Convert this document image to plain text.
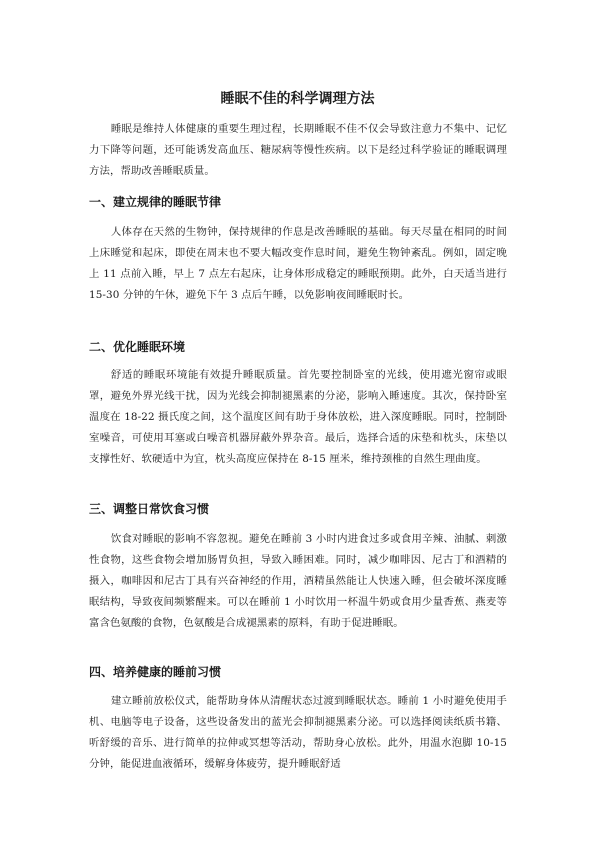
睡眠不佳的科学调理方法

睡眠是维持人体健康的重要生理过程，长期睡眠不佳不仅会导致注意力不集中、记忆力下降等问题，还可能诱发高血压、糖尿病等慢性疾病。以下是经过科学验证的睡眠调理方法，帮助改善睡眠质量。

一、建立规律的睡眠节律

人体存在天然的生物钟，保持规律的作息是改善睡眠的基础。每天尽量在相同的时间上床睡觉和起床，即使在周末也不要大幅改变作息时间，避免生物钟紊乱。例如，固定晚上 11 点前入睡，早上 7 点左右起床，让身体形成稳定的睡眠预期。此外，白天适当进行 15-30 分钟的午休，避免下午 3 点后午睡，以免影响夜间睡眠时长。

二、优化睡眠环境

舒适的睡眠环境能有效提升睡眠质量。首先要控制卧室的光线，使用遮光窗帘或眼罩，避免外界光线干扰，因为光线会抑制褪黑素的分泌，影响入睡速度。其次，保持卧室温度在 18-22 摄氏度之间，这个温度区间有助于身体放松，进入深度睡眠。同时，控制卧室噪音，可使用耳塞或白噪音机器屏蔽外界杂音。最后，选择合适的床垫和枕头，床垫以支撑性好、软硬适中为宜，枕头高度应保持在 8-15 厘米，维持颈椎的自然生理曲度。

三、调整日常饮食习惯

饮食对睡眠的影响不容忽视。避免在睡前 3 小时内进食过多或食用辛辣、油腻、刺激性食物，这些食物会增加肠胃负担，导致入睡困难。同时，减少咖啡因、尼古丁和酒精的摄入，咖啡因和尼古丁具有兴奋神经的作用，酒精虽然能让人快速入睡，但会破坏深度睡眠结构，导致夜间频繁醒来。可以在睡前 1 小时饮用一杯温牛奶或食用少量香蕉、燕麦等富含色氨酸的食物，色氨酸是合成褪黑素的原料，有助于促进睡眠。

四、培养健康的睡前习惯

建立睡前放松仪式，能帮助身体从清醒状态过渡到睡眠状态。睡前 1 小时避免使用手机、电脑等电子设备，这些设备发出的蓝光会抑制褪黑素分泌。可以选择阅读纸质书籍、听舒缓的音乐、进行简单的拉伸或冥想等活动，帮助身心放松。此外，用温水泡脚 10-15 分钟，能促进血液循环，缓解身体疲劳，提升睡眠舒适
